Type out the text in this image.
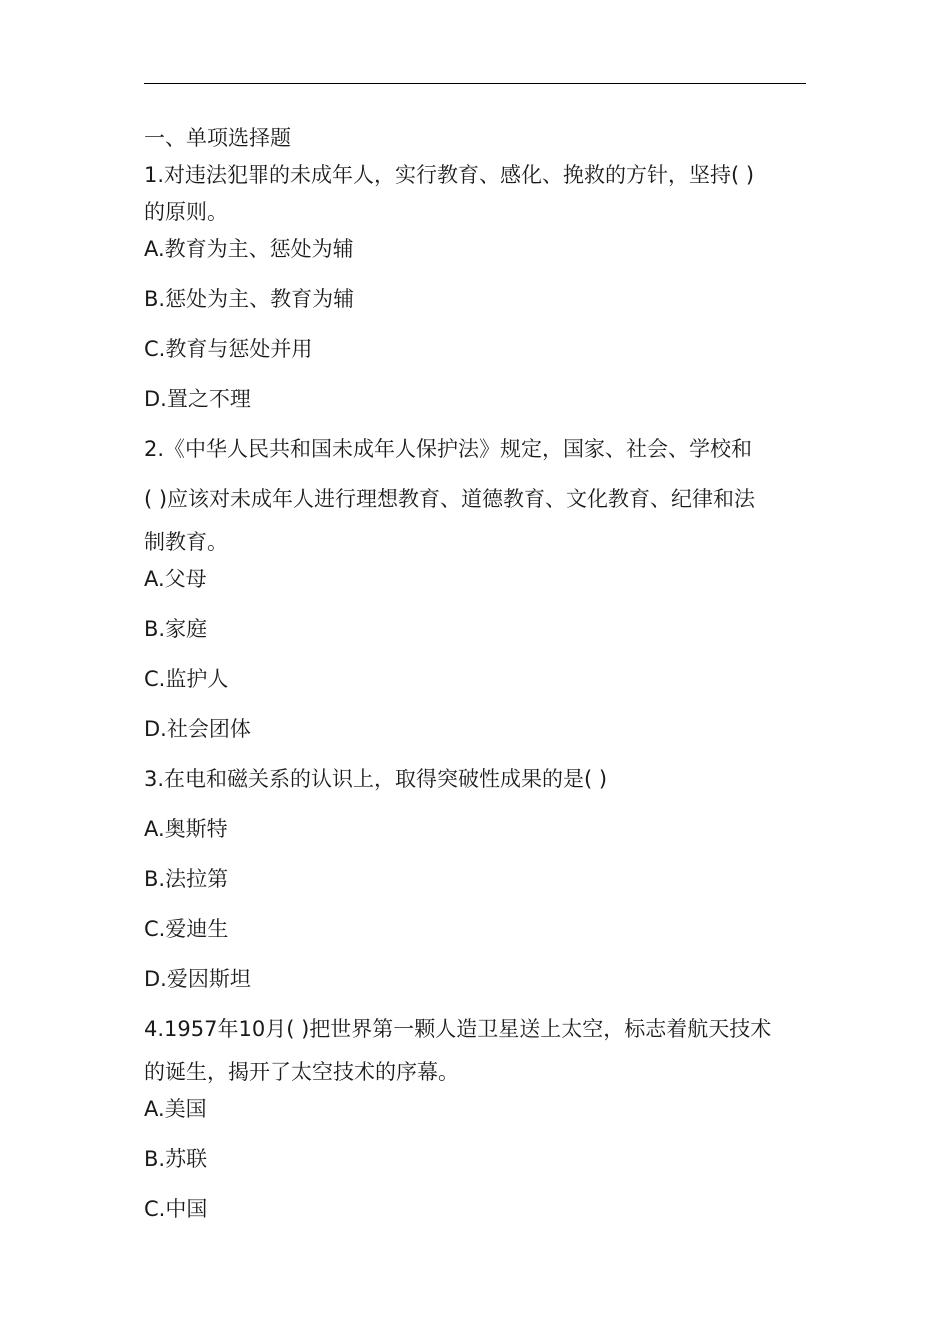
一、单项选择题
1.对违法犯罪的未成年人，实行教育、感化、挽救的方针，坚持( )
的原则。
A.教育为主、惩处为辅
B.惩处为主、教育为辅
C.教育与惩处并用
D.置之不理
2.《中华人民共和国未成年人保护法》规定，国家、社会、学校和
( )应该对未成年人进行理想教育、道德教育、文化教育、纪律和法
制教育。
A.父母
B.家庭
C.监护人
D.社会团体
3.在电和磁关系的认识上，取得突破性成果的是( )
A.奥斯特
B.法拉第
C.爱迪生
D.爱因斯坦
4.1957年10月( )把世界第一颗人造卫星送上太空，标志着航天技术
的诞生，揭开了太空技术的序幕。
A.美国
B.苏联
C.中国
